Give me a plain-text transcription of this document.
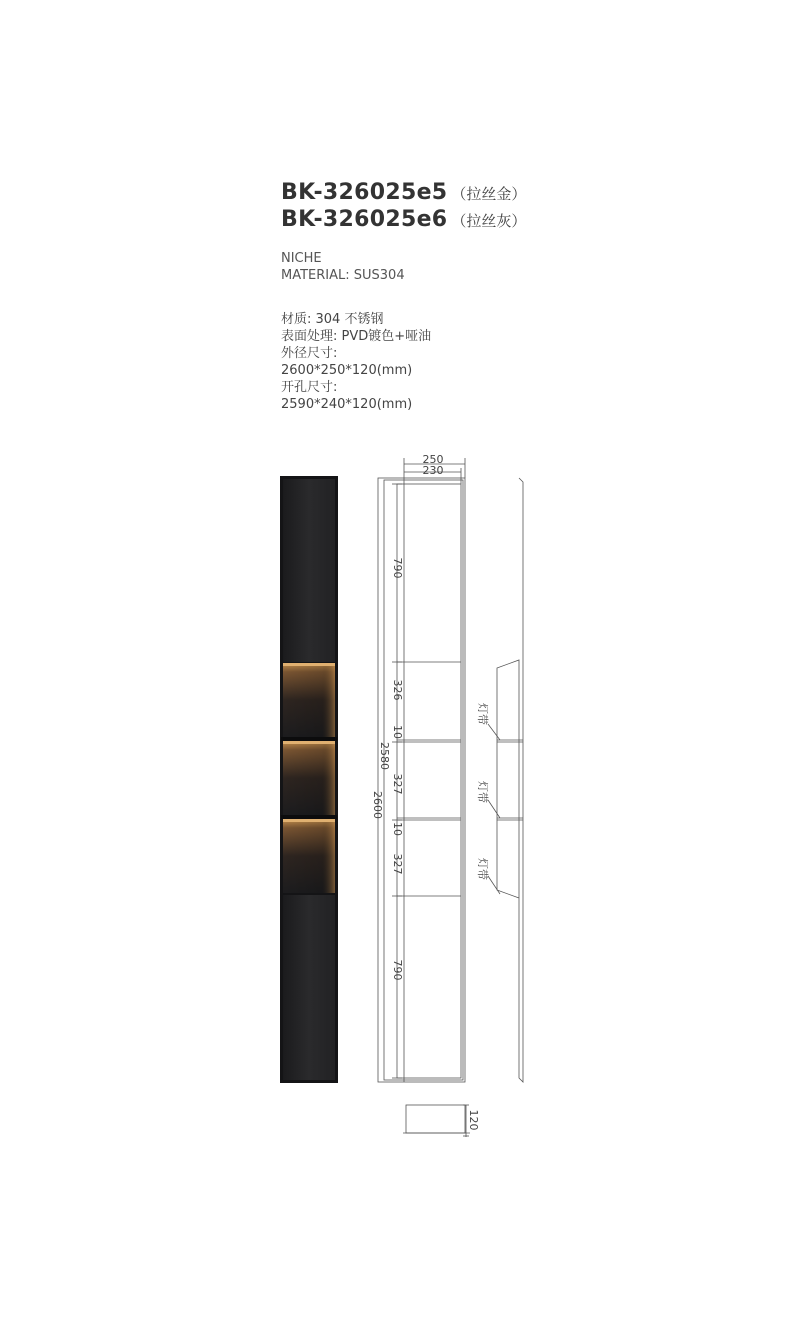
BK-326025e5 （拉丝金）
BK-326025e6 （拉丝灰）
NICHE
MATERIAL: SUS304
材质: 304 不锈钢
表面处理: PVD镀色+哑油
外径尺寸:
2600*250*120(mm)
开孔尺寸:
2590*240*120(mm)
250
230
790
326
10
327
10
327
790
2580
2600
灯带
灯带
灯带
120
